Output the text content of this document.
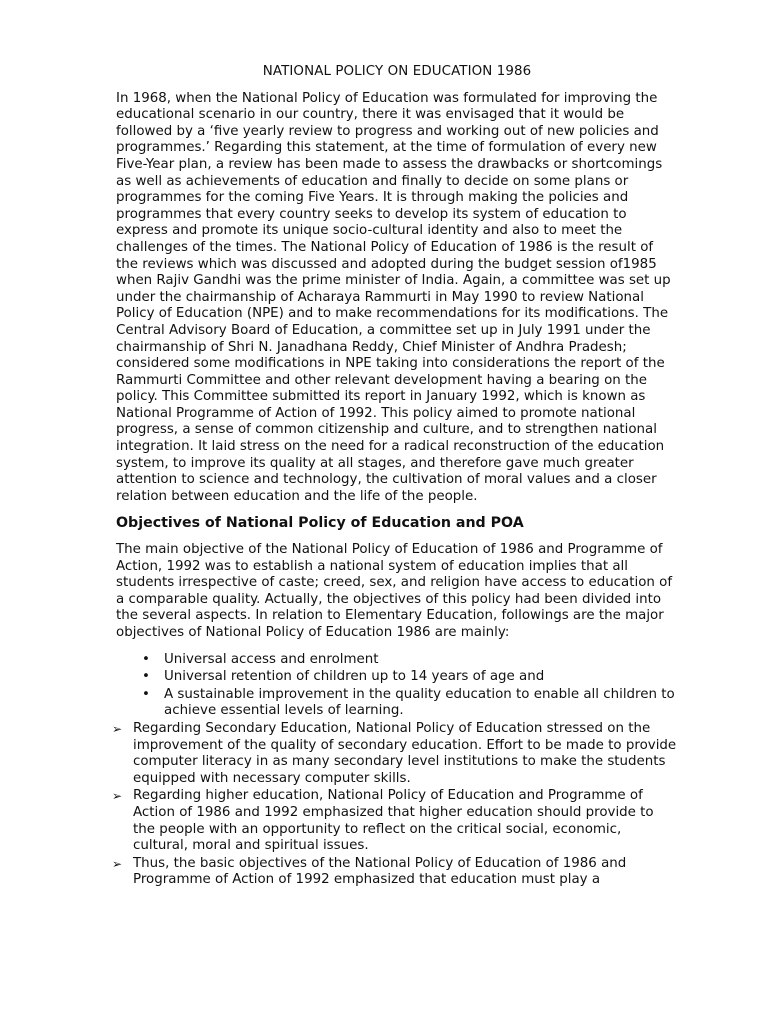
NATIONAL POLICY ON EDUCATION 1986

In 1968, when the National Policy of Education was formulated for improving the educational scenario in our country, there it was envisaged that it would be followed by a ‘five yearly review to progress and working out of new policies and programmes.’ Regarding this statement, at the time of formulation of every new Five-Year plan, a review has been made to assess the drawbacks or shortcomings as well as achievements of education and finally to decide on some plans or programmes for the coming Five Years. It is through making the policies and programmes that every country seeks to develop its system of education to express and promote its unique socio-cultural identity and also to meet the challenges of the times. The National Policy of Education of 1986 is the result of the reviews which was discussed and adopted during the budget session of1985 when Rajiv Gandhi was the prime minister of India. Again, a committee was set up under the chairmanship of Acharaya Rammurti in May 1990 to review National Policy of Education (NPE) and to make recommendations for its modifications. The Central Advisory Board of Education, a committee set up in July 1991 under the chairmanship of Shri N. Janadhana Reddy, Chief Minister of Andhra Pradesh; considered some modifications in NPE taking into considerations the report of the Rammurti Committee and other relevant development having a bearing on the policy. This Committee submitted its report in January 1992, which is known as National Programme of Action of 1992. This policy aimed to promote national progress, a sense of common citizenship and culture, and to strengthen national integration. It laid stress on the need for a radical reconstruction of the education system, to improve its quality at all stages, and therefore gave much greater attention to science and technology, the cultivation of moral values and a closer relation between education and the life of the people.

Objectives of National Policy of Education and POA

The main objective of the National Policy of Education of 1986 and Programme of Action, 1992 was to establish a national system of education implies that all students irrespective of caste; creed, sex, and religion have access to education of a comparable quality. Actually, the objectives of this policy had been divided into the several aspects. In relation to Elementary Education, followings are the major objectives of National Policy of Education 1986 are mainly:

• Universal access and enrolment
• Universal retention of children up to 14 years of age and
• A sustainable improvement in the quality education to enable all children to achieve essential levels of learning.
➢ Regarding Secondary Education, National Policy of Education stressed on the improvement of the quality of secondary education. Effort to be made to provide computer literacy in as many secondary level institutions to make the students equipped with necessary computer skills.
➢ Regarding higher education, National Policy of Education and Programme of Action of 1986 and 1992 emphasized that higher education should provide to the people with an opportunity to reflect on the critical social, economic, cultural, moral and spiritual issues.
➢ Thus, the basic objectives of the National Policy of Education of 1986 and Programme of Action of 1992 emphasized that education must play a
